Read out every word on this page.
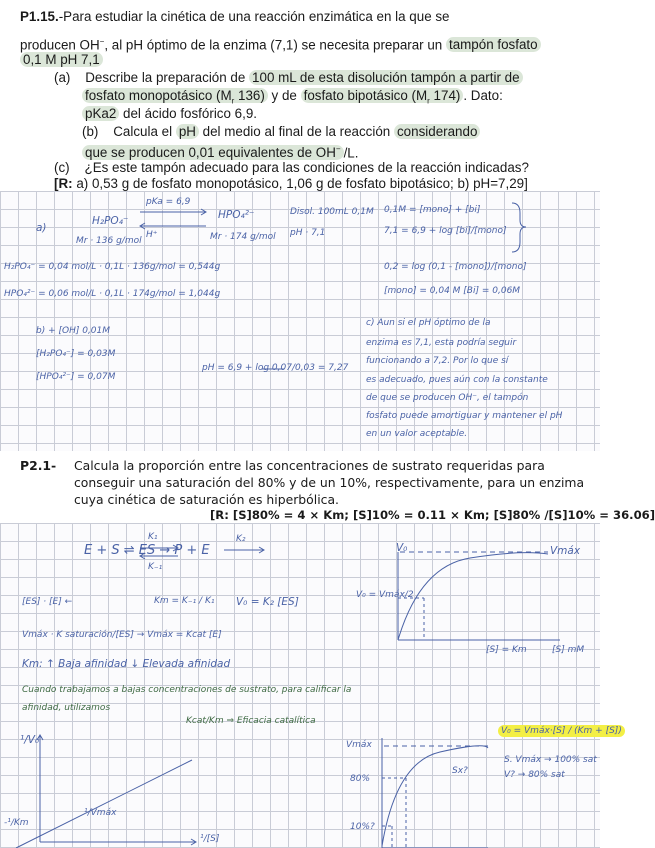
P1.15.-Para estudiar la cinética de una reacción enzimática en la que se
producen OH−, al pH óptimo de la enzima (7,1) se necesita preparar un tampón fosfato
0,1 M pH 7,1
(a) Describe la preparación de 100 mL de esta disolución tampón a partir de
fosfato monopotásico ($M_r$ 136) y de fosfato bipotásico ($M_r$ 174) . Dato:
pKa2 del ácido fosfórico 6,9.
(b) Calcula el pH del medio al final de la reacción considerando
que se producen 0,01 equivalentes de OH− /L.
(c) ¿Es este tampón adecuado para las condiciones de la reacción indicadas?
[R: a) 0,53 g de fosfato monopotásico, 1,06 g de fosfato bipotásico; b) pH=7,29]
a)
H₂PO₄⁻
pKa = 6,9
HPO₄²⁻
Mr · 136 g/mol
H⁺	Mr · 174 g/mol
Disol. 100mL 0,1M
pH · 7,1
0,1M = [mono] + [bi]
7,1 = 6,9 + log [bi]/[mono]
H₂PO₄⁻ = 0,04 mol/L · 0,1L · 136g/mol = 0,544g
HPO₄²⁻ = 0,06 mol/L · 0,1L · 174g/mol = 1,044g
0,2 = log (0,1 - [mono])/[mono]
[mono] = 0,04 M [Bi] = 0,06M
b) + [OH] 0,01M
[H₂PO₄⁻] = 0,03M
[HPO₄²⁻] = 0,07M
pH = 6,9 + log 0,07/0,03 = 7,27
c) Aun si el pH óptimo de la
enzima es 7,1, esta podría seguir
funcionando a 7,2. Por lo que sí
es adecuado, pues aún con la constante
de que se producen OH⁻, el tampón
fosfato puede amortiguar y mantener el pH
en un valor aceptable.
P2.1- Calcula la proporción entre las concentraciones de sustrato requeridas para
conseguir una saturación del 80% y de un 10%, respectivamente, para un enzima
cuya cinética de saturación es hiperbólica.
[R: [S]80% = 4 × Km; [S]10% = 0.11 × Km; [S]80% /[S]10% = 36.06]
E + S ⇌ ES → P + E
K₁
K₋₁
K₂
V₀	Vmáx
Km = K₋₁ / K₁ V₀ = K₂ [ES]
[ES] · [E] ←
V₀ = Vmáx/2
Vmáx · K saturación/[ES] → Vmáx = Kcat [E]
[S] = Km	[S] mM
Km: ↑ Baja afinidad ↓ Elevada afinidad
Cuando trabajamos a bajas concentraciones de sustrato, para calificar la
afinidad, utilizamos
Kcat/Km ⇒ Eficacia catalítica
¹/V₀
¹/Vmáx
-¹/Km
¹/[S]
Vmáx
80%
10%?
Sx?
V₀ = Vmáx·[S] / (Km + [S])
S. Vmáx → 100% sat
V? → 80% sat
